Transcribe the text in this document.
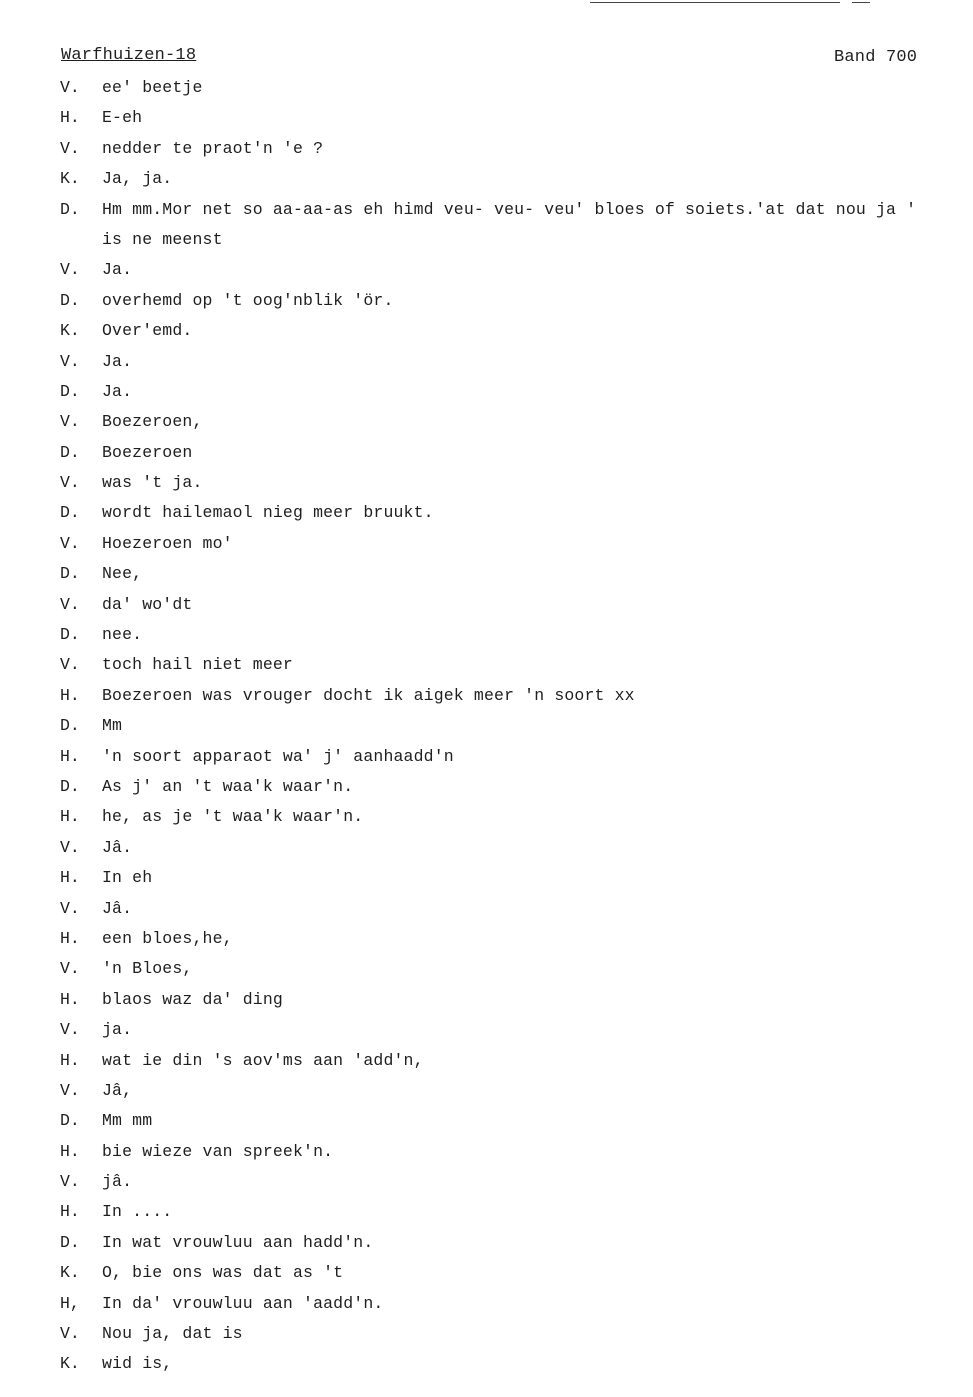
Warfhuizen-18	Band 700
V. ee' beetje
H. E-eh
V. nedder te praot'n 'e ?
K. Ja, ja.
D. Hm mm.Mor net so aa-aa-as eh himd veu- veu- veu' bloes of soiets.'at dat nou ja '
is ne meenst
V. Ja.
D. overhemd op 't oog'nblik 'ör.
K. Over'emd.
V. Ja.
D. Ja.
V. Boezeroen,
D. Boezeroen
V. was 't ja.
D. wordt hailemaol nieg meer bruukt.
V. Hoezeroen mo'
D. Nee,
V. da' wo'dt
D. nee.
V. toch hail niet meer
H. Boezeroen was vrouger docht ik aigek meer 'n soort xx
D. Mm
H. 'n soort apparaot wa' j' aanhaadd'n
D. As j' an 't waa'k waar'n.
H. he, as je 't waa'k waar'n.
V. Jâ.
H. In eh
V. Jâ.
H. een bloes,he,
V. 'n Bloes,
H. blaos waz da' ding
V. ja.
H. wat ie din 's aov'ms aan 'add'n,
V. Jâ,
D. Mm mm
H. bie wieze van spreek'n.
V. jâ.
H. In ....
D. In wat vrouwluu aan hadd'n.
K. O, bie ons was dat as 't
H, In da' vrouwluu aan 'aadd'n.
V. Nou ja, dat is
K. wid is,
